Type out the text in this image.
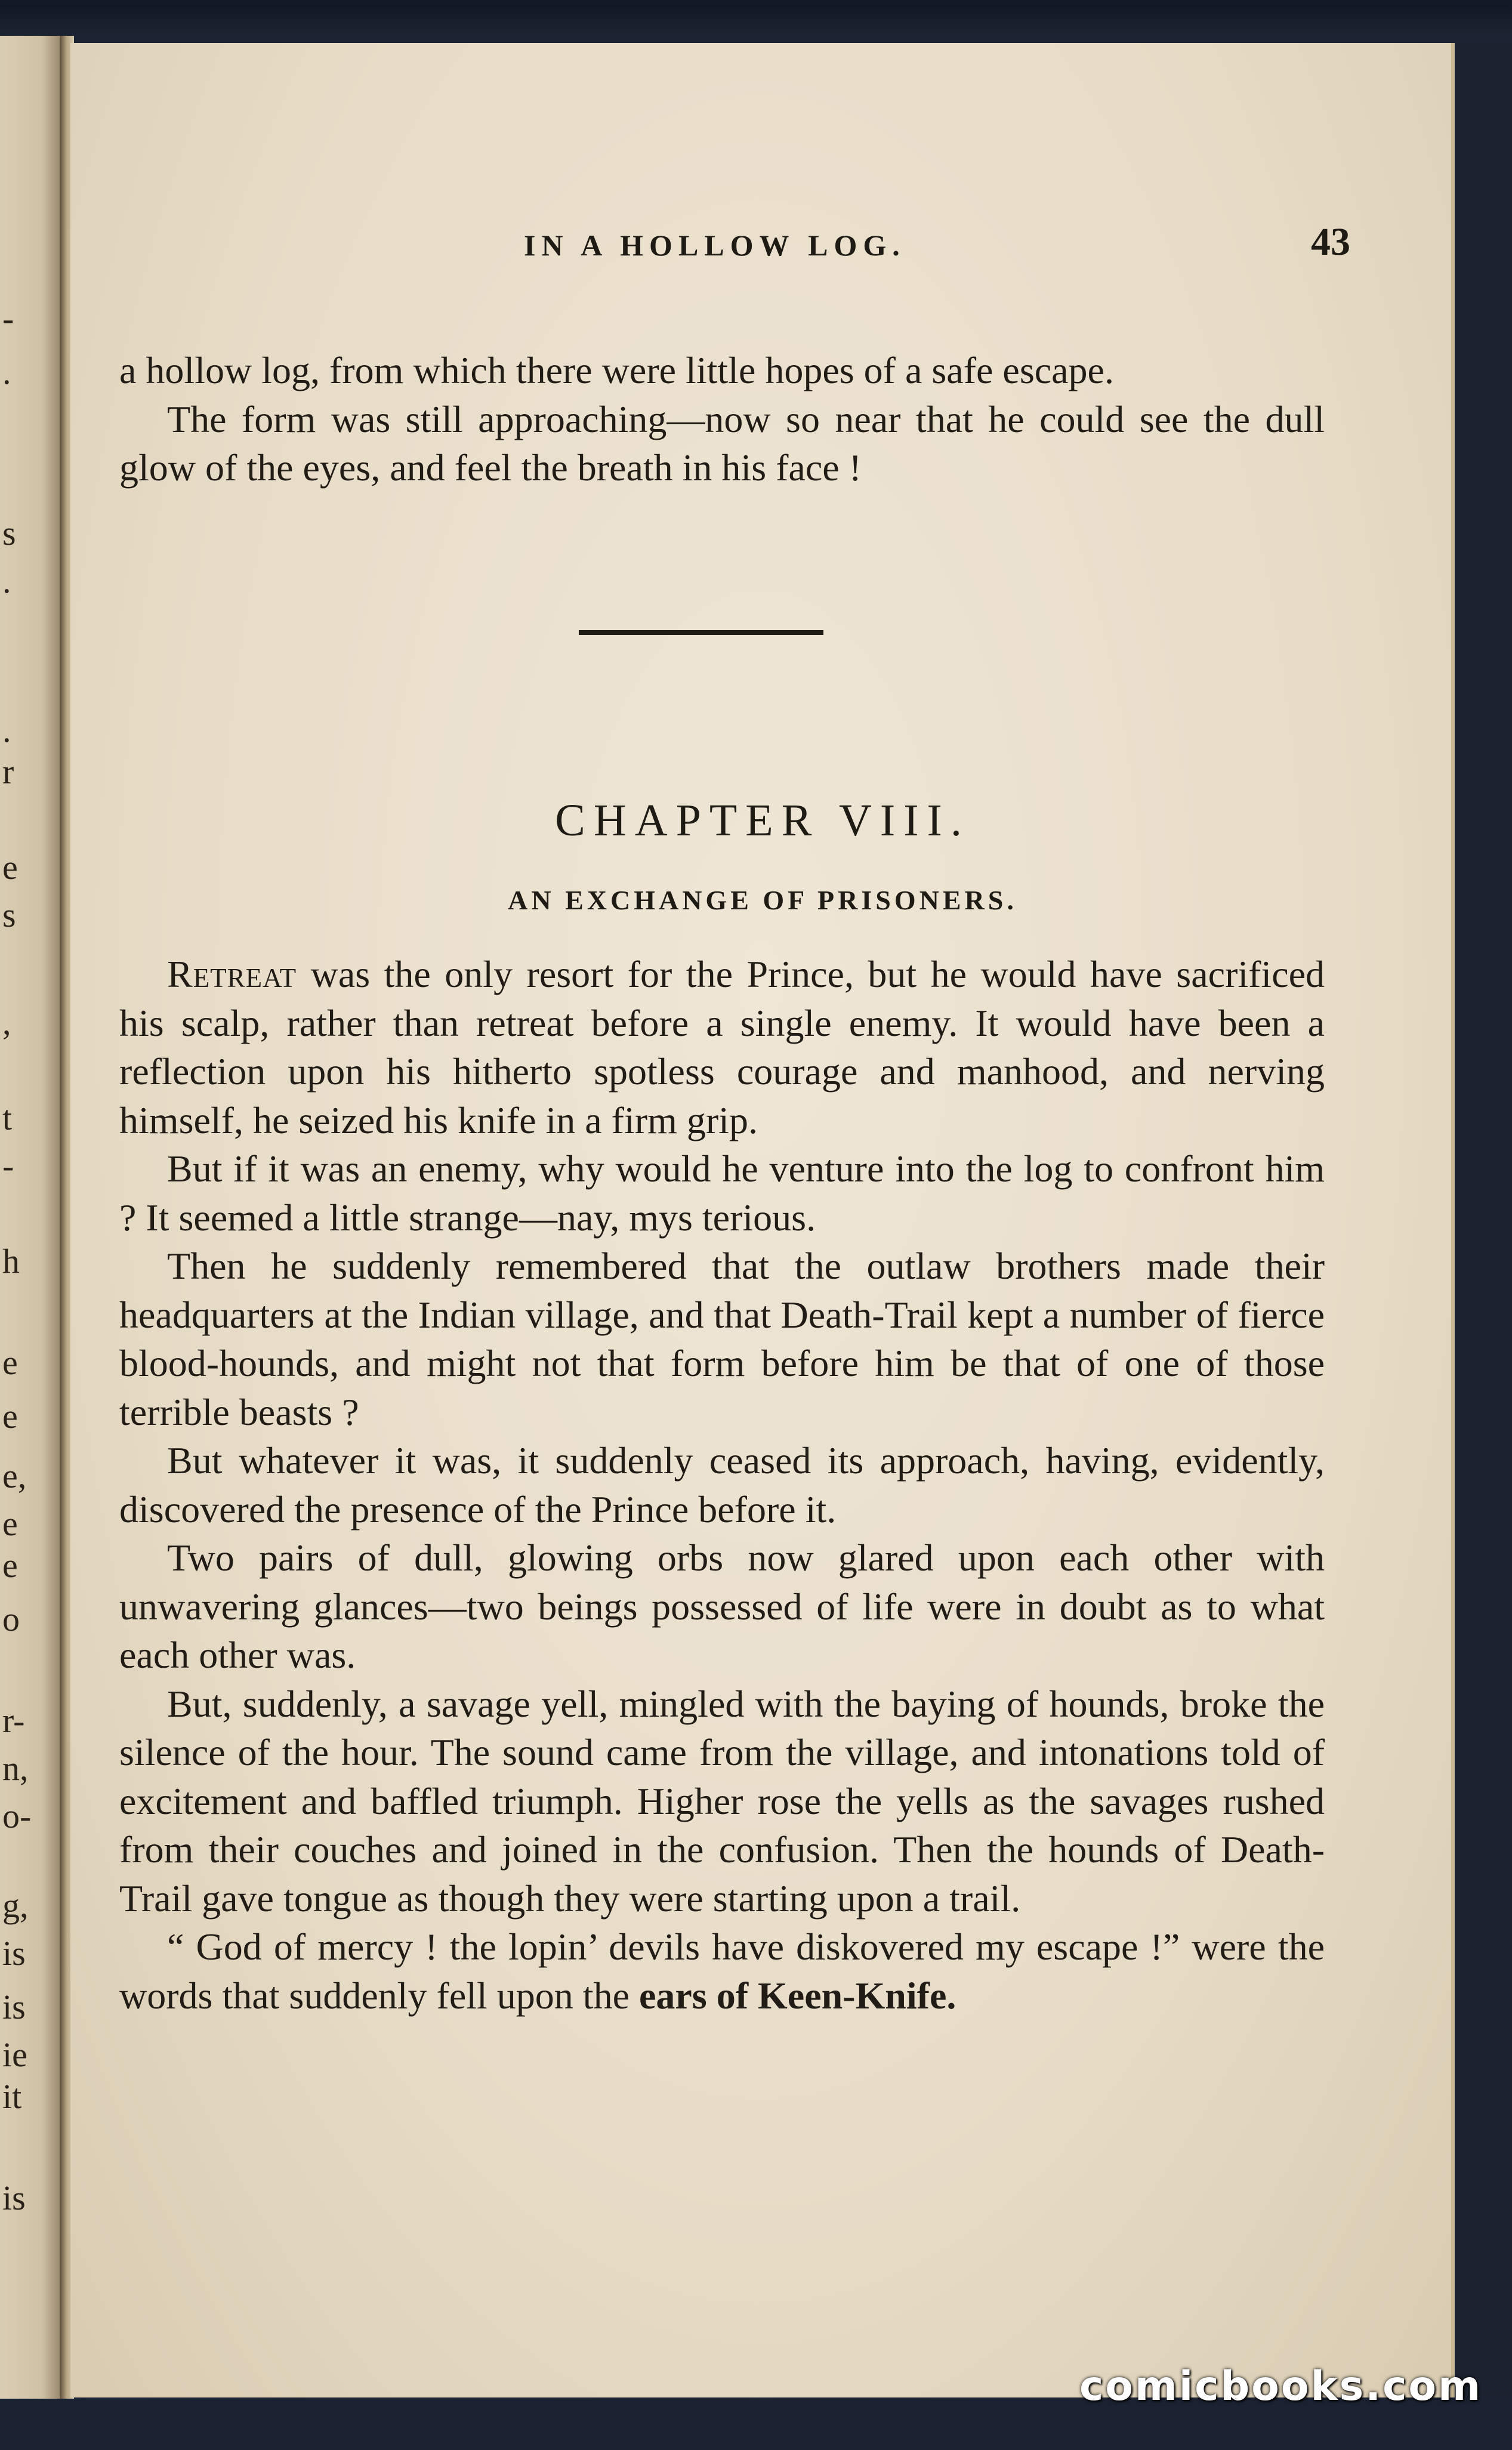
-
.
s
.
.
r
e
s
,
t
-
h
e
e
e,
e
e
o
r-
n,
o-
g,
is
is
ie
it
is
IN A HOLLOW LOG.	43

a hollow log, from which there were little hopes of a safe escape.

The form was still approaching—now so near that he could see the dull glow of the eyes, and feel the breath in his face !

CHAPTER VIII.
AN EXCHANGE OF PRISONERS.

Retreat was the only resort for the Prince, but he would have sacrificed his scalp, rather than retreat before a single enemy. It would have been a reflection upon his hitherto spotless courage and manhood, and nerving himself, he seized his knife in a firm grip.

But if it was an enemy, why would he venture into the log to confront him ? It seemed a little strange—nay, mys terious.

Then he suddenly remembered that the outlaw brothers made their headquarters at the Indian village, and that Death-Trail kept a number of fierce blood-hounds, and might not that form before him be that of one of those terrible beasts ?

But whatever it was, it suddenly ceased its approach, having, evidently, discovered the presence of the Prince before it.

Two pairs of dull, glowing orbs now glared upon each other with unwavering glances—two beings possessed of life were in doubt as to what each other was.

But, suddenly, a savage yell, mingled with the baying of hounds, broke the silence of the hour. The sound came from the village, and intonations told of excitement and baffled triumph. Higher rose the yells as the savages rushed from their couches and joined in the confusion. Then the hounds of Death-Trail gave tongue as though they were starting upon a trail.

“ God of mercy ! the lopin’ devils have diskovered my escape !” were the words that suddenly fell upon the ears of Keen-Knife.

comicbooks.com
